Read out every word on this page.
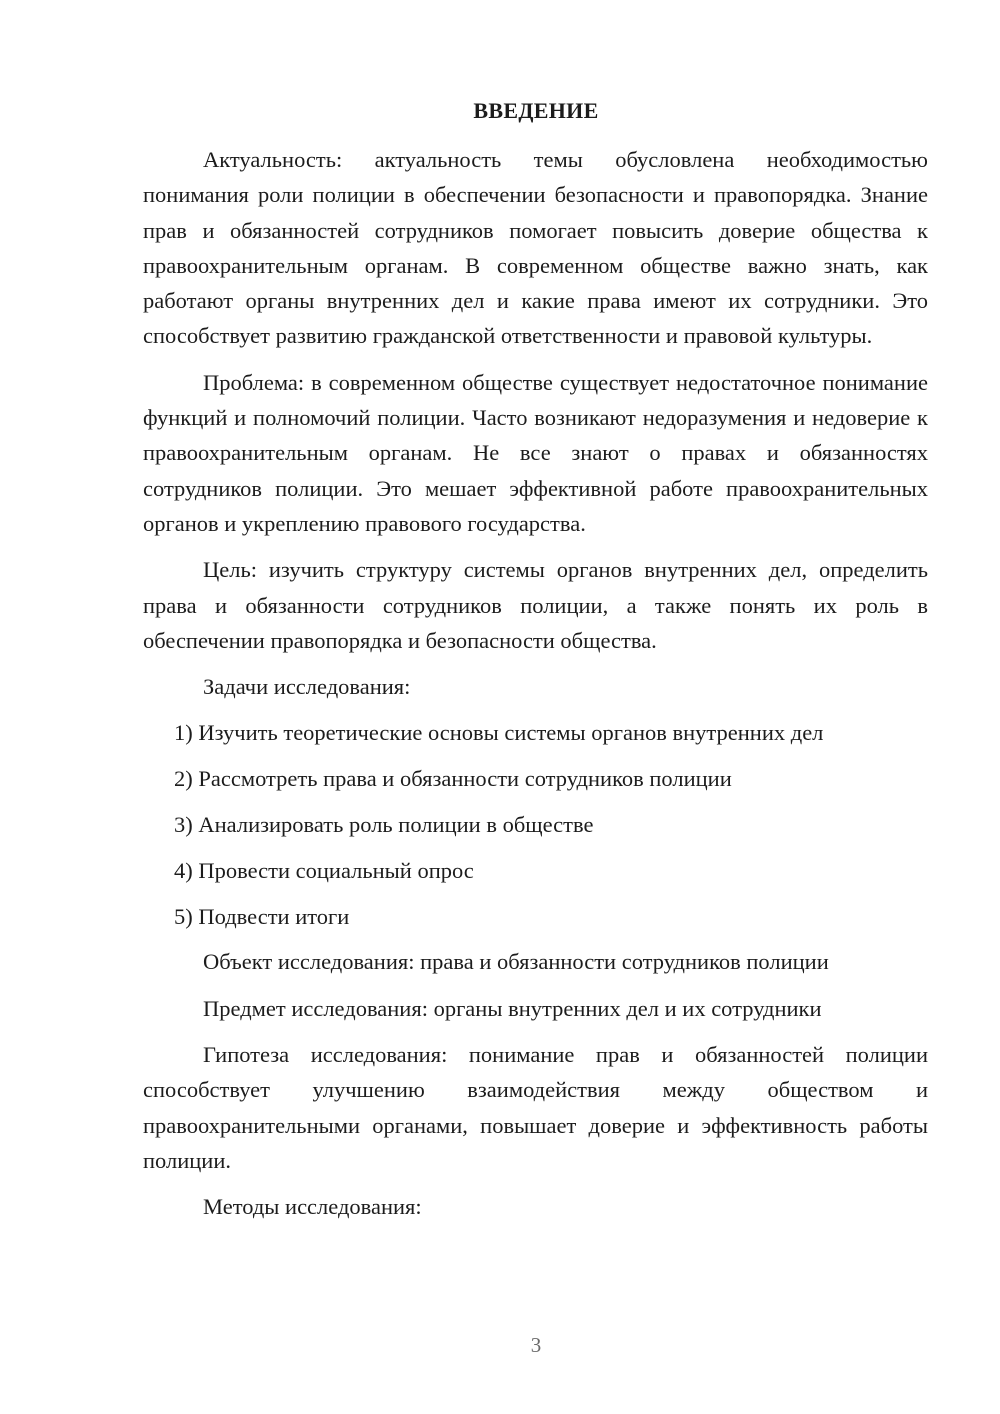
ВВЕДЕНИЕ

Актуальность: актуальность темы обусловлена необходимостью понимания роли полиции в обеспечении безопасности и правопорядка. Знание прав и обязанностей сотрудников помогает повысить доверие общества к правоохранительным органам. В современном обществе важно знать, как работают органы внутренних дел и какие права имеют их сотрудники. Это способствует развитию гражданской ответственности и правовой культуры.

Проблема: в современном обществе существует недостаточное понимание функций и полномочий полиции. Часто возникают недоразумения и недоверие к правоохранительным органам. Не все знают о правах и обязанностях сотрудников полиции. Это мешает эффективной работе правоохранительных органов и укреплению правового государства.

Цель: изучить структуру системы органов внутренних дел, определить права и обязанности сотрудников полиции, а также понять их роль в обеспечении правопорядка и безопасности общества.

Задачи исследования:

1) Изучить теоретические основы системы органов внутренних дел
2) Рассмотреть права и обязанности сотрудников полиции
3) Анализировать роль полиции в обществе
4) Провести социальный опрос
5) Подвести итоги

Объект исследования: права и обязанности сотрудников полиции

Предмет исследования: органы внутренних дел и их сотрудники

Гипотеза исследования: понимание прав и обязанностей полиции способствует улучшению взаимодействия между обществом и правоохранительными органами, повышает доверие и эффективность работы полиции.

Методы исследования:

3
